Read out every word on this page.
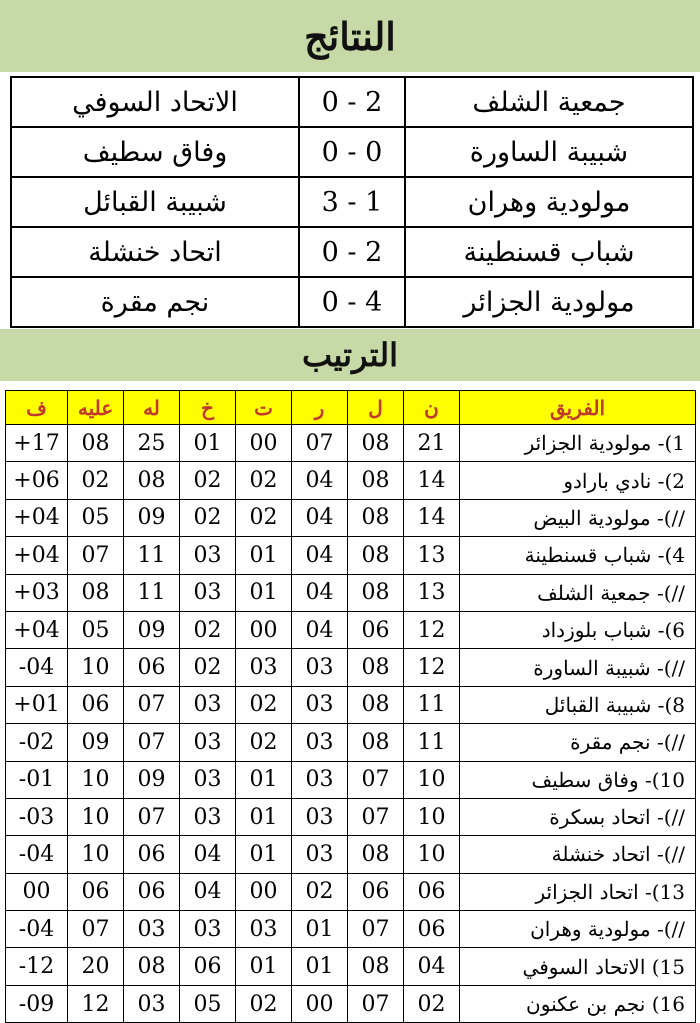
النتائج
جمعية الشلف	0 - 2	الاتحاد السوفي
شبيبة الساورة	0 - 0	وفاق سطيف
مولودية وهران	3 - 1	شبيبة القبائل
شباب قسنطينة	0 - 2	اتحاد خنشلة
مولودية الجزائر	0 - 4	نجم مقرة
الترتيب
الفريق	ن	ل	ر	ت	خ	له	عليه	ف
1)- مولودية الجزائر	21	08	07	00	01	25	08	17+
2)- نادي بارادو	14	08	04	02	02	08	02	06+
//)- مولودية البيض	14	08	04	02	02	09	05	04+
4)- شباب قسنطينة	13	08	04	01	03	11	07	04+
//)- جمعية الشلف	13	08	04	01	03	11	08	03+
6)- شباب بلوزداد	12	06	04	00	02	09	05	04+
//)- شبيبة الساورة	12	08	03	03	02	06	10	04-
8)- شبيبة القبائل	11	08	03	02	03	07	06	01+
//)- نجم مقرة	11	08	03	02	03	07	09	02-
10)- وفاق سطيف	10	07	03	01	03	09	10	01-
//)- اتحاد بسكرة	10	07	03	01	03	07	10	03-
//)- اتحاد خنشلة	10	08	03	01	04	06	10	04-
13)- اتحاد الجزائر	06	06	02	00	04	06	06	00
//)- مولودية وهران	06	07	01	03	03	03	07	04-
15) الاتحاد السوفي	04	08	01	01	06	08	20	12-
16) نجم بن عكنون	02	07	00	02	05	03	12	09-
